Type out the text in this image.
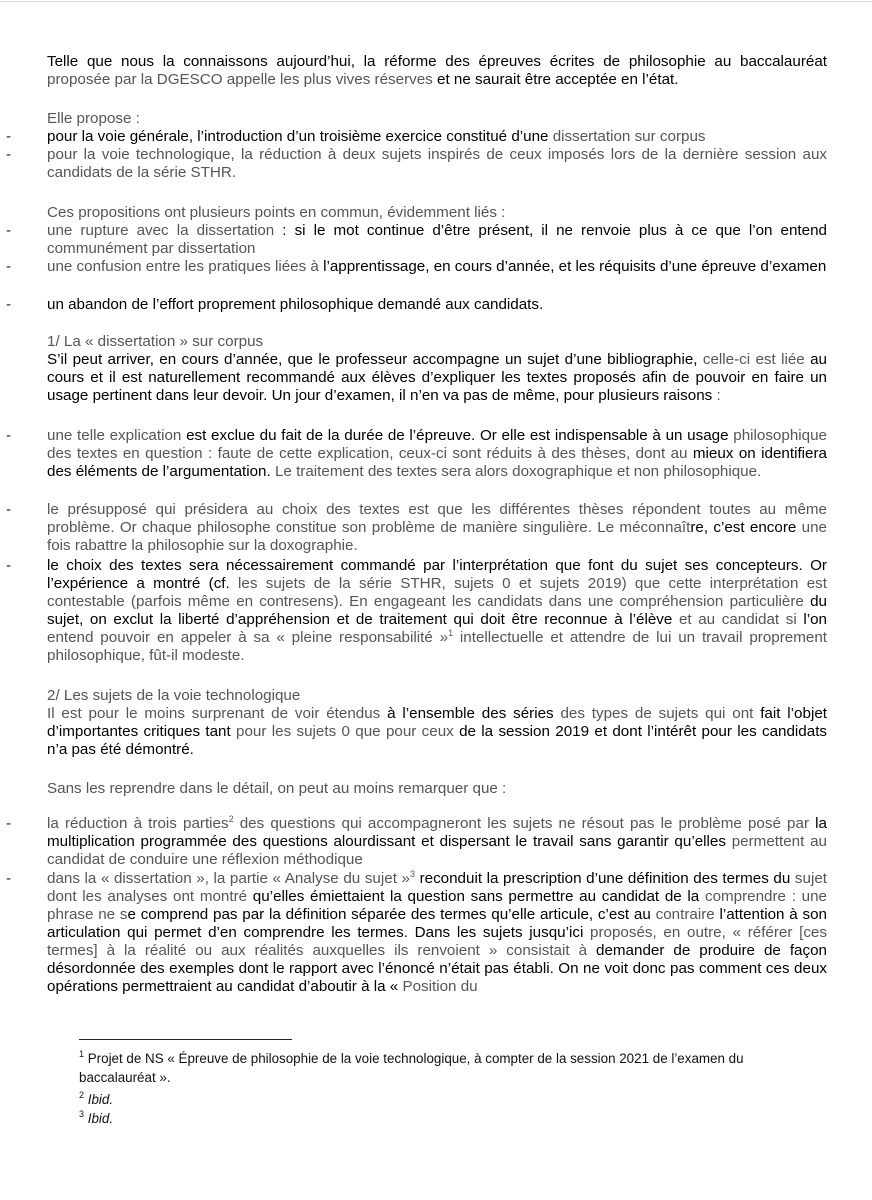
Telle que nous la connaissons aujourd’hui, la réforme des épreuves écrites de philosophie au baccalauréat proposée par la DGESCO appelle les plus vives réserves et ne saurait être acceptée en l’état.
Elle propose :
- pour la voie générale, l’introduction d’un troisième exercice constitué d’une dissertation sur corpus
- pour la voie technologique, la réduction à deux sujets inspirés de ceux imposés lors de la dernière session aux candidats de la série STHR.
Ces propositions ont plusieurs points en commun, évidemment liés :
- une rupture avec la dissertation : si le mot continue d’être présent, il ne renvoie plus à ce que l’on entend communément par dissertation
- une confusion entre les pratiques liées à l’apprentissage, en cours d’année, et les réquisits d’une épreuve d’examen
- un abandon de l’effort proprement philosophique demandé aux candidats.
1/ La « dissertation » sur corpus
S’il peut arriver, en cours d’année, que le professeur accompagne un sujet d’une bibliographie, celle-ci est liée au cours et il est naturellement recommandé aux élèves d’expliquer les textes proposés afin de pouvoir en faire un usage pertinent dans leur devoir. Un jour d’examen, il n’en va pas de même, pour plusieurs raisons :
- une telle explication est exclue du fait de la durée de l’épreuve. Or elle est indispensable à un usage philosophique des textes en question : faute de cette explication, ceux-ci sont réduits à des thèses, dont au mieux on identifiera des éléments de l’argumentation. Le traitement des textes sera alors doxographique et non philosophique.
- le présupposé qui présidera au choix des textes est que les différentes thèses répondent toutes au même problème. Or chaque philosophe constitue son problème de manière singulière. Le méconnaître, c’est encore une fois rabattre la philosophie sur la doxographie.
- le choix des textes sera nécessairement commandé par l’interprétation que font du sujet ses concepteurs. Or l’expérience a montré (cf. les sujets de la série STHR, sujets 0 et sujets 2019) que cette interprétation est contestable (parfois même en contresens). En engageant les candidats dans une compréhension particulière du sujet, on exclut la liberté d’appréhension et de traitement qui doit être reconnue à l’élève et au candidat si l’on entend pouvoir en appeler à sa « pleine responsabilité »$^1$ intellectuelle et attendre de lui un travail proprement philosophique, fût-il modeste.
2/ Les sujets de la voie technologique
Il est pour le moins surprenant de voir étendus à l’ensemble des séries des types de sujets qui ont fait l’objet d’importantes critiques tant pour les sujets 0 que pour ceux de la session 2019 et dont l’intérêt pour les candidats n’a pas été démontré.
Sans les reprendre dans le détail, on peut au moins remarquer que :
- la réduction à trois parties$^2$ des questions qui accompagneront les sujets ne résout pas le problème posé par la multiplication programmée des questions alourdissant et dispersant le travail sans garantir qu’elles permettent au candidat de conduire une réflexion méthodique
- dans la « dissertation », la partie « Analyse du sujet »$^3$ reconduit la prescription d’une définition des termes du sujet dont les analyses ont montré qu’elles émiettaient la question sans permettre au candidat de la comprendre : une phrase ne se comprend pas par la définition séparée des termes qu’elle articule, c’est au contraire l’attention à son articulation qui permet d’en comprendre les termes. Dans les sujets jusqu’ici proposés, en outre, « référer [ces termes] à la réalité ou aux réalités auxquelles ils renvoient » consistait à demander de produire de façon désordonnée des exemples dont le rapport avec l’énoncé n’était pas établi. On ne voit donc pas comment ces deux opérations permettraient au candidat d’aboutir à la « Position du
$^1$ Projet de NS « Épreuve de philosophie de la voie technologique, à compter de la session 2021 de l’examen du baccalauréat ».
$^2$ Ibid.
$^3$ Ibid.
